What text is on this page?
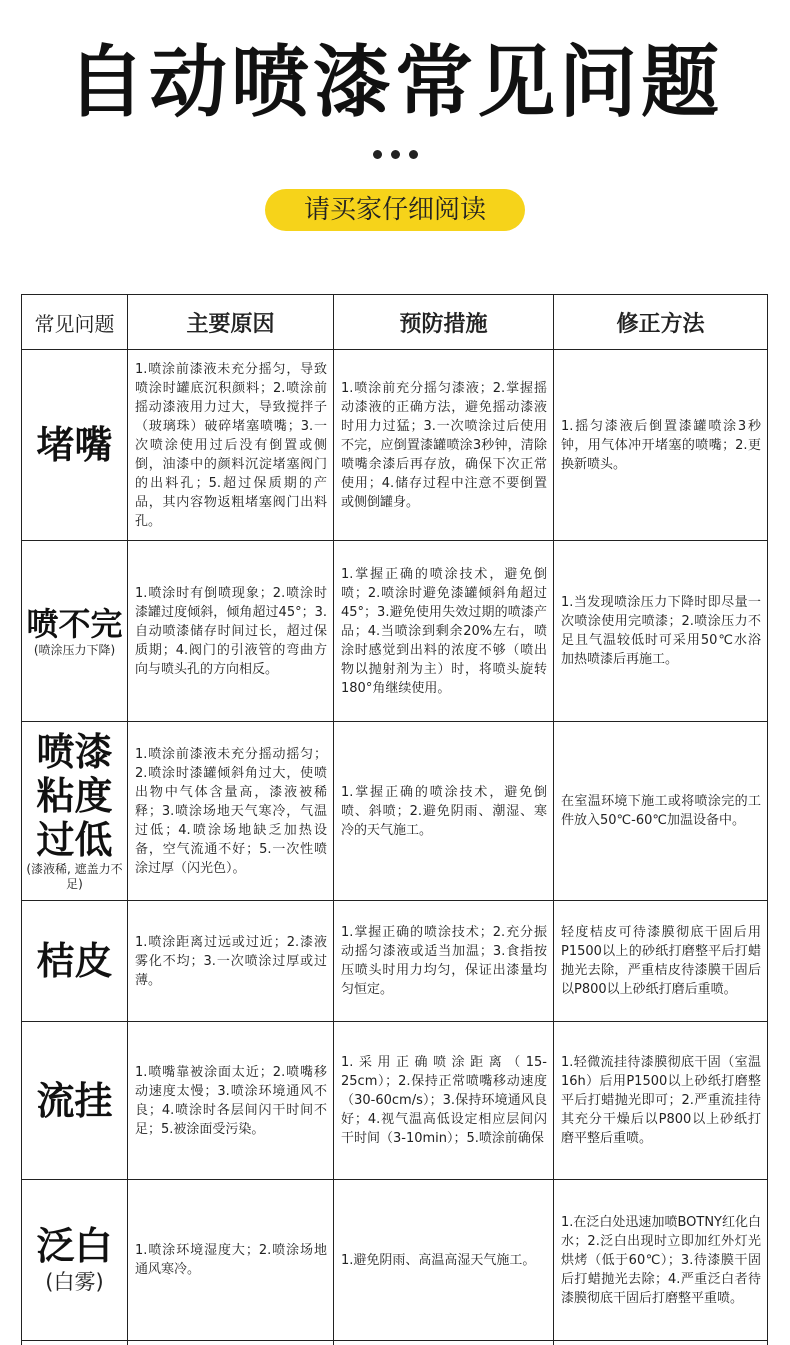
自动喷漆常见问题
请买家仔细阅读
常见问题	主要原因	预防措施	修正方法

堵嘴	1.喷涂前漆液未充分摇匀，导致喷涂时罐底沉积颜料；2.喷涂前摇动漆液用力过大，导致搅拌子（玻璃珠）破碎堵塞喷嘴；3.一次喷涂使用过后没有倒置或侧倒，油漆中的颜料沉淀堵塞阀门的出料孔；5.超过保质期的产品，其内容物返粗堵塞阀门出料孔。	1.喷涂前充分摇匀漆液；2.掌握摇动漆液的正确方法，避免摇动漆液时用力过猛；3.一次喷涂过后使用不完，应倒置漆罐喷涂3秒钟，清除喷嘴余漆后再存放，确保下次正常使用；4.储存过程中注意不要倒置或侧倒罐身。	1.摇匀漆液后倒置漆罐喷涂3秒钟，用气体冲开堵塞的喷嘴；2.更换新喷头。

喷不完
(喷涂压力下降)	1.喷涂时有倒喷现象；2.喷涂时漆罐过度倾斜，倾角超过45°；3.自动喷漆储存时间过长，超过保质期；4.阀门的引液管的弯曲方向与喷头孔的方向相反。	1.掌握正确的喷涂技术，避免倒喷；2.喷涂时避免漆罐倾斜角超过45°；3.避免使用失效过期的喷漆产品；4.当喷涂到剩余20%左右，喷涂时感觉到出料的浓度不够（喷出物以抛射剂为主）时，将喷头旋转180°角继续使用。	1.当发现喷涂压力下降时即尽量一次喷涂使用完喷漆；2.喷涂压力不足且气温较低时可采用50℃水浴加热喷漆后再施工。

喷漆
粘度
过低
(漆液稀, 遮盖力不足)	1.喷涂前漆液未充分摇动摇匀；2.喷涂时漆罐倾斜角过大，使喷出物中气体含量高，漆液被稀释；3.喷涂场地天气寒冷，气温过低；4.喷涂场地缺乏加热设备，空气流通不好；5.一次性喷涂过厚（闪光色）。	1.掌握正确的喷涂技术，避免倒喷、斜喷；2.避免阴雨、潮湿、寒冷的天气施工。	在室温环境下施工或将喷涂完的工件放入50℃-60℃加温设备中。

桔皮	1.喷涂距离过远或过近；2.漆液雾化不均；3.一次喷涂过厚或过薄。	1.掌握正确的喷涂技术；2.充分振动摇匀漆液或适当加温；3.食指按压喷头时用力均匀，保证出漆量均匀恒定。	轻度桔皮可待漆膜彻底干固后用P1500以上的砂纸打磨整平后打蜡抛光去除，严重桔皮待漆膜干固后以P800以上砂纸打磨后重喷。

流挂	1.喷嘴靠被涂面太近；2.喷嘴移动速度太慢；3.喷涂环境通风不良；4.喷涂时各层间闪干时间不足；5.被涂面受污染。	1.采用正确喷涂距离（15-25cm）；2.保持正常喷嘴移动速度（30-60cm/s）；3.保持环境通风良好；4.视气温高低设定相应层间闪干时间（3-10min）；5.喷涂前确保	1.轻微流挂待漆膜彻底干固（室温16h）后用P1500以上砂纸打磨整平后打蜡抛光即可；2.严重流挂待其充分干燥后以P800以上砂纸打磨平整后重喷。

泛白
(白雾)	1.喷涂环境湿度大；2.喷涂场地通风寒冷。	1.避免阴雨、高温高湿天气施工。	1.在泛白处迅速加喷BOTNY红化白水；2.泛白出现时立即加红外灯光烘烤（低于60℃）；3.待漆膜干固后打蜡抛光去除；4.严重泛白者待漆膜彻底干固后打磨整平重喷。
